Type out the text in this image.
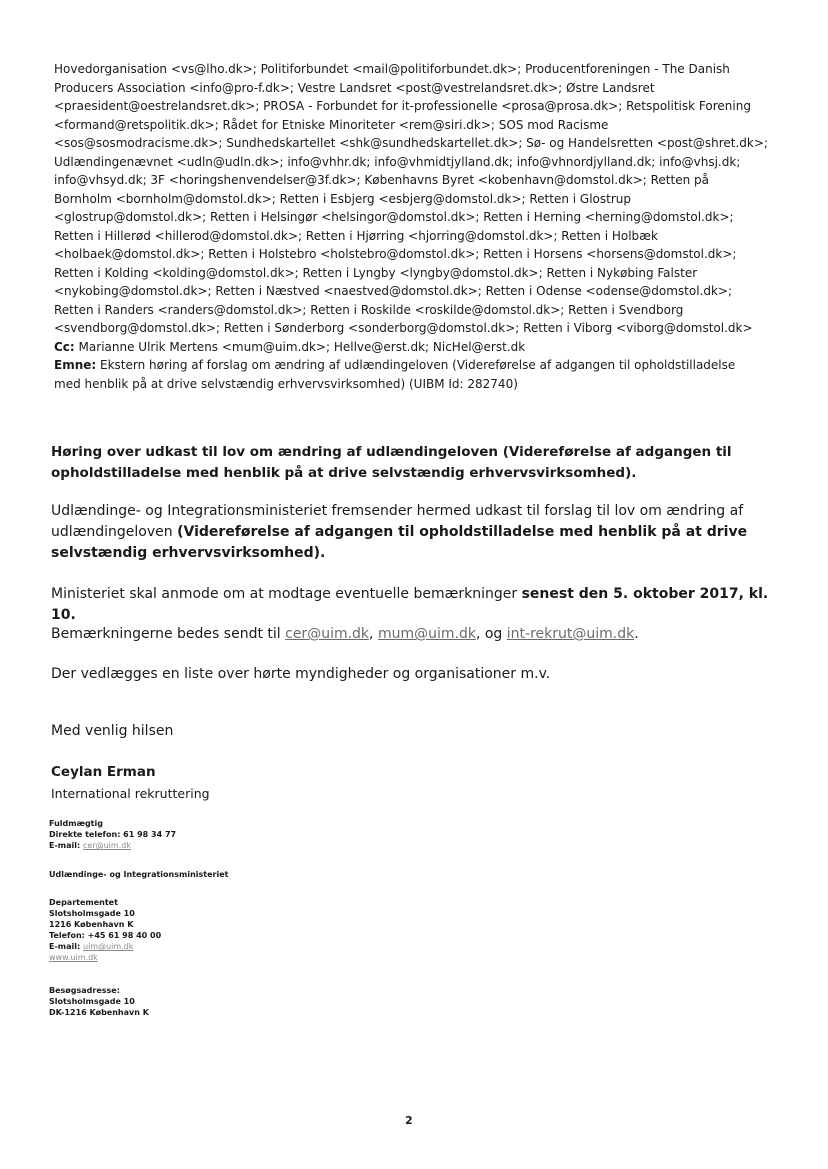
Hovedorganisation <vs@lho.dk>; Politiforbundet <mail@politiforbundet.dk>; Producentforeningen - The Danish

Producers Association <info@pro-f.dk>; Vestre Landsret <post@vestrelandsret.dk>; Østre Landsret

<praesident@oestrelandsret.dk>; PROSA - Forbundet for it-professionelle <prosa@prosa.dk>; Retspolitisk Forening

<formand@retspolitik.dk>; Rådet for Etniske Minoriteter <rem@siri.dk>; SOS mod Racisme

<sos@sosmodracisme.dk>; Sundhedskartellet <shk@sundhedskartellet.dk>; Sø- og Handelsretten <post@shret.dk>;

Udlændingenævnet <udln@udln.dk>; info@vhhr.dk; info@vhmidtjylland.dk; info@vhnordjylland.dk; info@vhsj.dk;

info@vhsyd.dk; 3F <horingshenvendelser@3f.dk>; Københavns Byret <kobenhavn@domstol.dk>; Retten på

Bornholm <bornholm@domstol.dk>; Retten i Esbjerg <esbjerg@domstol.dk>; Retten i Glostrup

<glostrup@domstol.dk>; Retten i Helsingør <helsingor@domstol.dk>; Retten i Herning <herning@domstol.dk>;

Retten i Hillerød <hillerod@domstol.dk>; Retten i Hjørring <hjorring@domstol.dk>; Retten i Holbæk

<holbaek@domstol.dk>; Retten i Holstebro <holstebro@domstol.dk>; Retten i Horsens <horsens@domstol.dk>;

Retten i Kolding <kolding@domstol.dk>; Retten i Lyngby <lyngby@domstol.dk>; Retten i Nykøbing Falster

<nykobing@domstol.dk>; Retten i Næstved <naestved@domstol.dk>; Retten i Odense <odense@domstol.dk>;

Retten i Randers <randers@domstol.dk>; Retten i Roskilde <roskilde@domstol.dk>; Retten i Svendborg

<svendborg@domstol.dk>; Retten i Sønderborg <sonderborg@domstol.dk>; Retten i Viborg <viborg@domstol.dk>

Cc: Marianne Ulrik Mertens <mum@uim.dk>; Hellve@erst.dk; NicHel@erst.dk

Emne: Ekstern høring af forslag om ændring af udlændingeloven (Videreførelse af adgangen til opholdstilladelse

med henblik på at drive selvstændig erhvervsvirksomhed) (UIBM Id: 282740)

Høring over udkast til lov om ændring af udlændingeloven (Videreførelse af adgangen til opholdstilladelse med henblik på at drive selvstændig erhvervsvirksomhed).

Udlændinge- og Integrationsministeriet fremsender hermed udkast til forslag til lov om ændring af udlændingeloven (Videreførelse af adgangen til opholdstilladelse med henblik på at drive selvstændig erhvervsvirksomhed).

Ministeriet skal anmode om at modtage eventuelle bemærkninger senest den 5. oktober 2017, kl. 10.

Bemærkningerne bedes sendt til cer@uim.dk, mum@uim.dk, og int-rekrut@uim.dk.

Der vedlægges en liste over hørte myndigheder og organisationer m.v.

Med venlig hilsen

Ceylan Erman

International rekruttering

Fuldmægtig
Direkte telefon: 61 98 34 77
E-mail: cer@uim.dk
Udlændinge- og Integrationsministeriet
Departementet
Slotsholmsgade 10
1216 København K
Telefon: +45 61 98 40 00
E-mail: uim@uim.dk
www.uim.dk
Besøgsadresse:
Slotsholmsgade 10
DK-1216 København K

2
